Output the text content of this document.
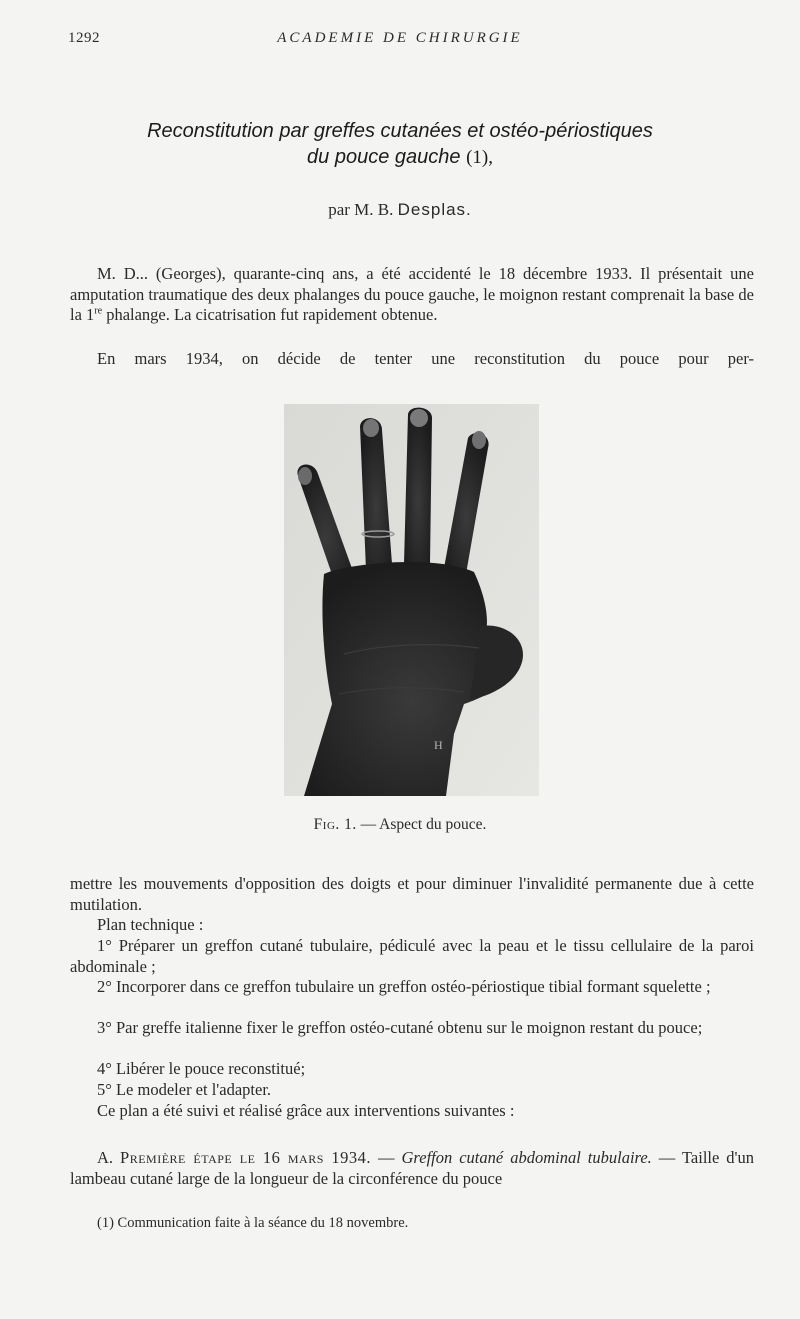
1292	ACADEMIE DE CHIRURGIE
Reconstitution par greffes cutanées et ostéo-périostiques
du pouce gauche (1),
par M. B. Desplas.
M. D... (Georges), quarante-cinq ans, a été accidenté le 18 décembre 1933. Il présentait une amputation traumatique des deux phalanges du pouce gauche, le moignon restant comprenait la base de la 1re phalange. La cicatrisation fut rapidement obtenue.
En mars 1934, on décide de tenter une reconstitution du pouce pour per-
H
Fig. 1. — Aspect du pouce.
mettre les mouvements d'opposition des doigts et pour diminuer l'invalidité permanente due à cette mutilation.
Plan technique :
1° Préparer un greffon cutané tubulaire, pédiculé avec la peau et le tissu cellulaire de la paroi abdominale ;
2° Incorporer dans ce greffon tubulaire un greffon ostéo-périostique tibial formant squelette ;
3° Par greffe italienne fixer le greffon ostéo-cutané obtenu sur le moignon restant du pouce;
4° Libérer le pouce reconstitué;
5° Le modeler et l'adapter.
Ce plan a été suivi et réalisé grâce aux interventions suivantes :
A. Première étape le 16 mars 1934. — Greffon cutané abdominal tubulaire. — Taille d'un lambeau cutané large de la longueur de la circonférence du pouce
(1) Communication faite à la séance du 18 novembre.
